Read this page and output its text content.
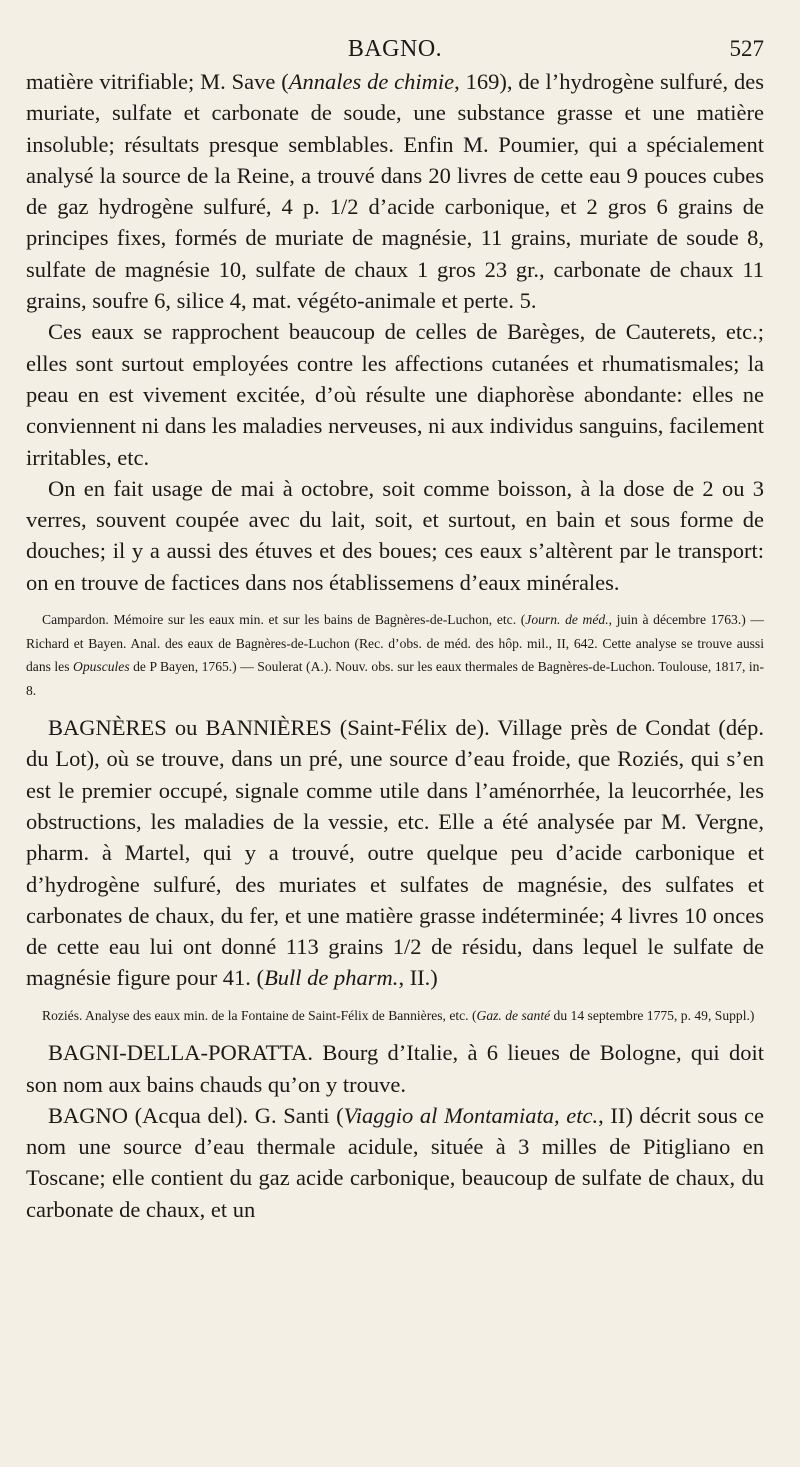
BAGNO.	527

matière vitrifiable; M. Save (Annales de chimie, 169), de l’hydrogène sulfuré, des muriate, sulfate et carbonate de soude, une substance grasse et une matière insoluble; résultats presque semblables. Enfin M. Poumier, qui a spécialement analysé la source de la Reine, a trouvé dans 20 livres de cette eau 9 pouces cubes de gaz hydrogène sulfuré, 4 p. 1/2 d’acide carbonique, et 2 gros 6 grains de principes fixes, formés de muriate de magnésie, 11 grains, muriate de soude 8, sulfate de magnésie 10, sulfate de chaux 1 gros 23 gr., carbonate de chaux 11 grains, soufre 6, silice 4, mat. végéto-animale et perte. 5.

Ces eaux se rapprochent beaucoup de celles de Barèges, de Cauterets, etc.; elles sont surtout employées contre les affections cutanées et rhumatismales; la peau en est vivement excitée, d’où résulte une diaphorèse abondante: elles ne conviennent ni dans les maladies nerveuses, ni aux individus sanguins, facilement irritables, etc.

On en fait usage de mai à octobre, soit comme boisson, à la dose de 2 ou 3 verres, souvent coupée avec du lait, soit, et surtout, en bain et sous forme de douches; il y a aussi des étuves et des boues; ces eaux s’altèrent par le transport: on en trouve de factices dans nos établissemens d’eaux minérales.

Campardon. Mémoire sur les eaux min. et sur les bains de Bagnères-de-Luchon, etc. (Journ. de méd., juin à décembre 1763.) — Richard et Bayen. Anal. des eaux de Bagnères-de-Luchon (Rec. d’obs. de méd. des hôp. mil., II, 642. Cette analyse se trouve aussi dans les Opuscules de P Bayen, 1765.) — Soulerat (A.). Nouv. obs. sur les eaux thermales de Bagnères-de-Luchon. Toulouse, 1817, in-8.

BAGNÈRES ou BANNIÈRES (Saint-Félix de). Village près de Condat (dép. du Lot), où se trouve, dans un pré, une source d’eau froide, que Roziés, qui s’en est le premier occupé, signale comme utile dans l’aménorrhée, la leucorrhée, les obstructions, les maladies de la vessie, etc. Elle a été analysée par M. Vergne, pharm. à Martel, qui y a trouvé, outre quelque peu d’acide carbonique et d’hydrogène sulfuré, des muriates et sulfates de magnésie, des sulfates et carbonates de chaux, du fer, et une matière grasse indéterminée; 4 livres 10 onces de cette eau lui ont donné 113 grains 1/2 de résidu, dans lequel le sulfate de magnésie figure pour 41. (Bull de pharm., II.)

Roziés. Analyse des eaux min. de la Fontaine de Saint-Félix de Bannières, etc. (Gaz. de santé du 14 septembre 1775, p. 49, Suppl.)

BAGNI-DELLA-PORATTA. Bourg d’Italie, à 6 lieues de Bologne, qui doit son nom aux bains chauds qu’on y trouve.

BAGNO (Acqua del). G. Santi (Viaggio al Montamiata, etc., II) décrit sous ce nom une source d’eau thermale acidule, située à 3 milles de Pitigliano en Toscane; elle contient du gaz acide carbonique, beaucoup de sulfate de chaux, du carbonate de chaux, et un
